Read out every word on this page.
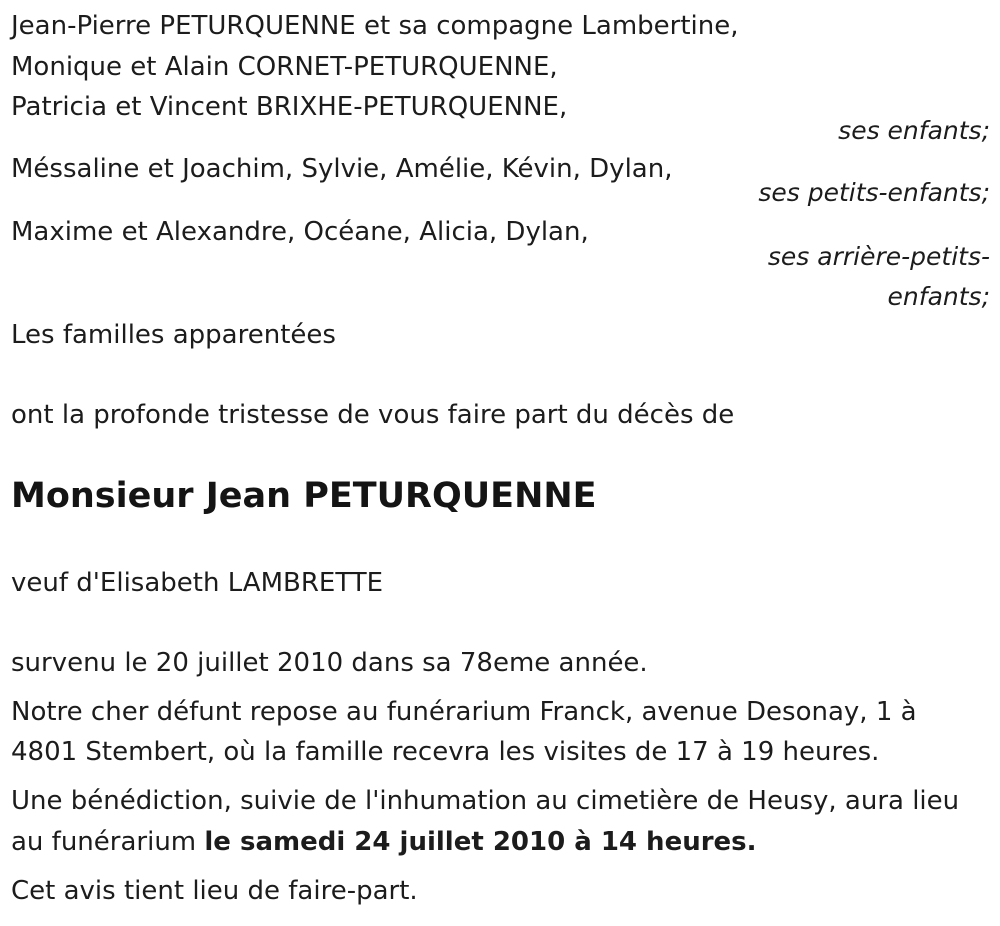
Jean-Pierre PETURQUENNE et sa compagne Lambertine,
Monique et Alain CORNET-PETURQUENNE,
Patricia et Vincent BRIXHE-PETURQUENNE,
ses enfants;
Méssaline et Joachim, Sylvie, Amélie, Kévin, Dylan,
ses petits-enfants;
Maxime et Alexandre, Océane, Alicia, Dylan,
ses arrière-petits-
enfants;
Les familles apparentées
ont la profonde tristesse de vous faire part du décès de
Monsieur Jean PETURQUENNE
veuf d'Elisabeth LAMBRETTE
survenu le 20 juillet 2010 dans sa 78eme année.
Notre cher défunt repose au funérarium Franck, avenue Desonay, 1 à
4801 Stembert, où la famille recevra les visites de 17 à 19 heures.
Une bénédiction, suivie de l'inhumation au cimetière de Heusy, aura lieu
au funérarium le samedi 24 juillet 2010 à 14 heures.
Cet avis tient lieu de faire-part.
